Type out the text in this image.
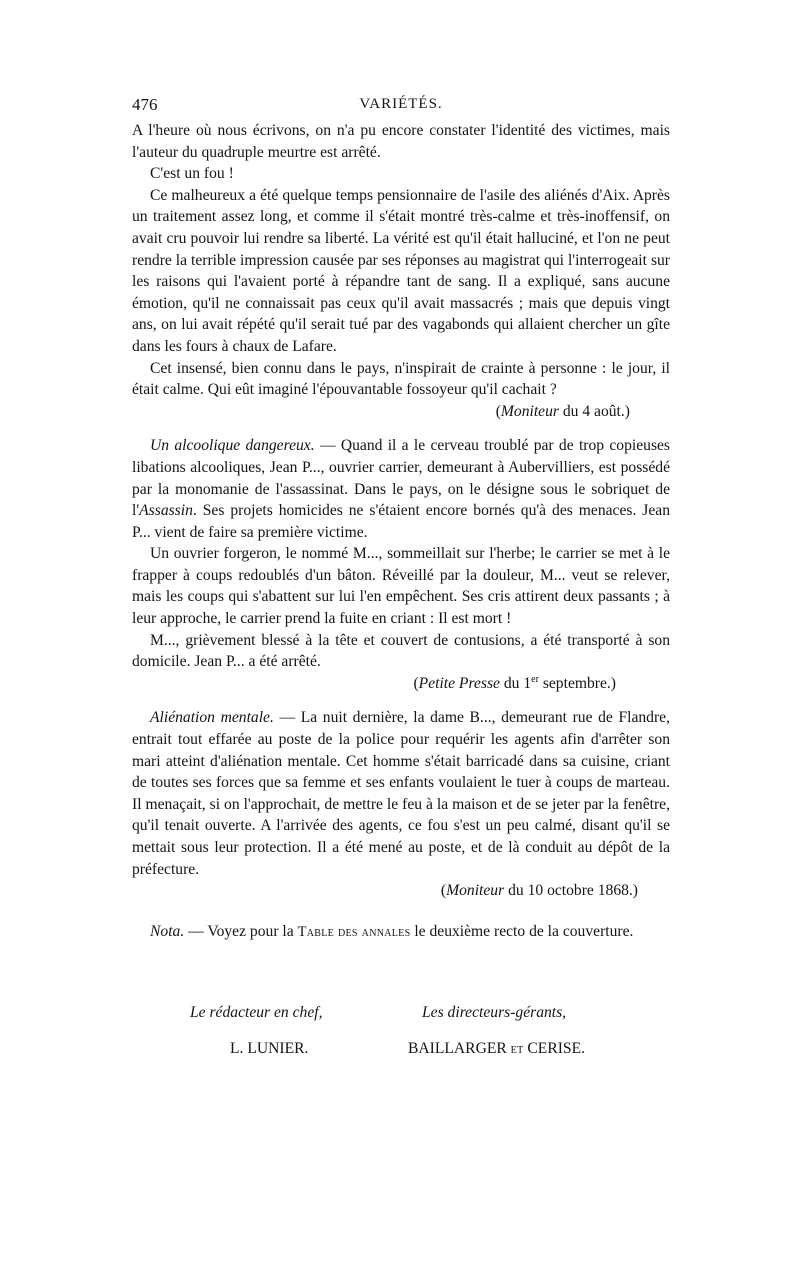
476	VARIÉTÉS.

A l'heure où nous écrivons, on n'a pu encore constater l'identité des victimes, mais l'auteur du quadruple meurtre est arrêté.

C'est un fou !

Ce malheureux a été quelque temps pensionnaire de l'asile des aliénés d'Aix. Après un traitement assez long, et comme il s'était montré très-calme et très-inoffensif, on avait cru pouvoir lui rendre sa liberté. La vérité est qu'il était halluciné, et l'on ne peut rendre la terrible impression causée par ses réponses au magistrat qui l'interrogeait sur les raisons qui l'avaient porté à répandre tant de sang. Il a expliqué, sans aucune émotion, qu'il ne connaissait pas ceux qu'il avait massacrés ; mais que depuis vingt ans, on lui avait répété qu'il serait tué par des vagabonds qui allaient chercher un gîte dans les fours à chaux de Lafare.

Cet insensé, bien connu dans le pays, n'inspirait de crainte à personne : le jour, il était calme. Qui eût imaginé l'épouvantable fossoyeur qu'il cachait ?

(Moniteur du 4 août.)

Un alcoolique dangereux. — Quand il a le cerveau troublé par de trop copieuses libations alcooliques, Jean P..., ouvrier carrier, demeurant à Aubervilliers, est possédé par la monomanie de l'assassinat. Dans le pays, on le désigne sous le sobriquet de l'Assassin. Ses projets homicides ne s'étaient encore bornés qu'à des menaces. Jean P... vient de faire sa première victime.

Un ouvrier forgeron, le nommé M..., sommeillait sur l'herbe; le carrier se met à le frapper à coups redoublés d'un bâton. Réveillé par la douleur, M... veut se relever, mais les coups qui s'abattent sur lui l'en empêchent. Ses cris attirent deux passants ; à leur approche, le carrier prend la fuite en criant : Il est mort !

M..., grièvement blessé à la tête et couvert de contusions, a été transporté à son domicile. Jean P... a été arrêté.

(Petite Presse du 1er septembre.)

Aliénation mentale. — La nuit dernière, la dame B..., demeurant rue de Flandre, entrait tout effarée au poste de la police pour requérir les agents afin d'arrêter son mari atteint d'aliénation mentale. Cet homme s'était barricadé dans sa cuisine, criant de toutes ses forces que sa femme et ses enfants voulaient le tuer à coups de marteau. Il menaçait, si on l'approchait, de mettre le feu à la maison et de se jeter par la fenêtre, qu'il tenait ouverte. A l'arrivée des agents, ce fou s'est un peu calmé, disant qu'il se mettait sous leur protection. Il a été mené au poste, et de là conduit au dépôt de la préfecture.

(Moniteur du 10 octobre 1868.)

Nota. — Voyez pour la Table des annales le deuxième recto de la couverture.

Le rédacteur en chef,	Les directeurs-gérants,
L. LUNIER.	BAILLARGER et CERISE.
